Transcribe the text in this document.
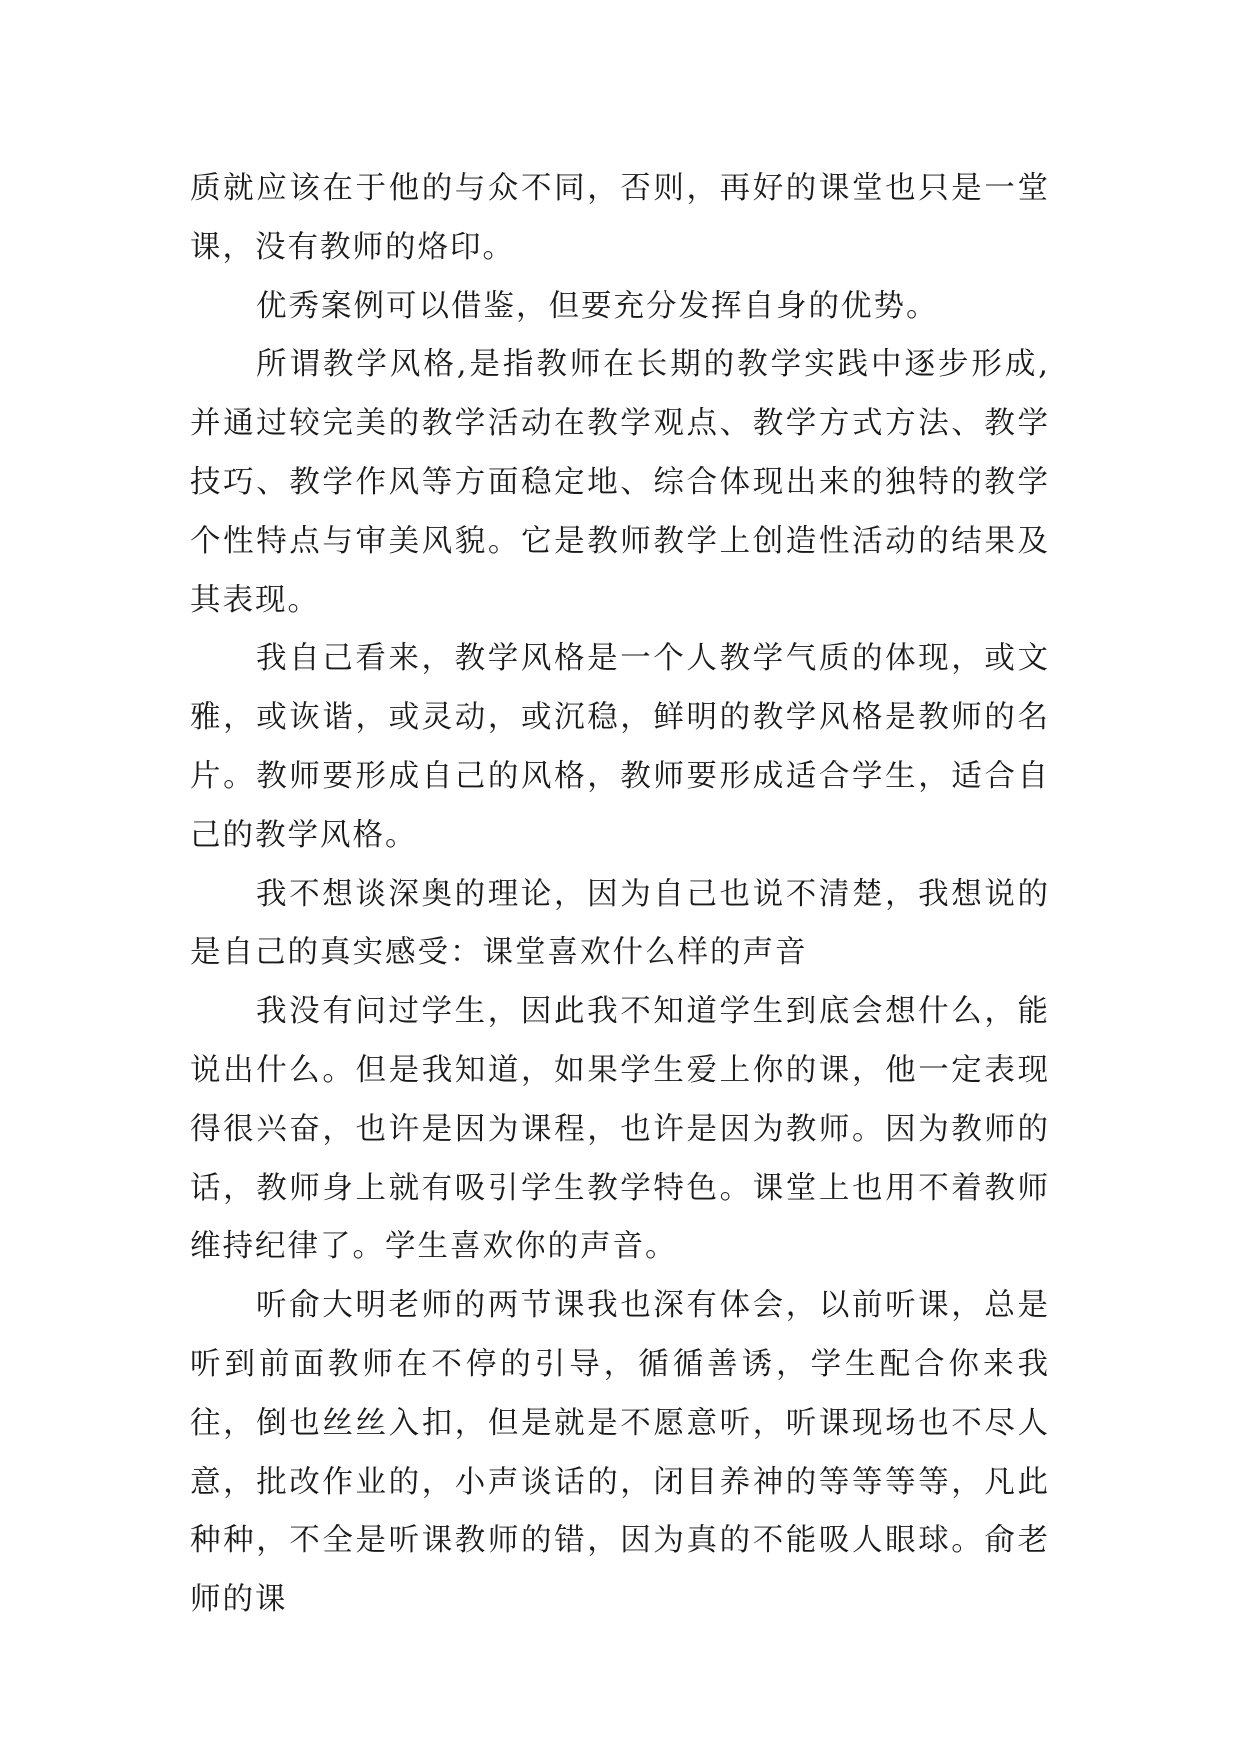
质就应该在于他的与众不同，否则，再好的课堂也只是一堂课，没有教师的烙印。

优秀案例可以借鉴，但要充分发挥自身的优势。

所谓教学风格,是指教师在长期的教学实践中逐步形成,并通过较完美的教学活动在教学观点、教学方式方法、教学技巧、教学作风等方面稳定地、综合体现出来的独特的教学个性特点与审美风貌。它是教师教学上创造性活动的结果及其表现。

我自己看来，教学风格是一个人教学气质的体现，或文雅，或诙谐，或灵动，或沉稳，鲜明的教学风格是教师的名片。教师要形成自己的风格，教师要形成适合学生，适合自己的教学风格。

我不想谈深奥的理论，因为自己也说不清楚，我想说的是自己的真实感受：课堂喜欢什么样的声音

我没有问过学生，因此我不知道学生到底会想什么，能说出什么。但是我知道，如果学生爱上你的课，他一定表现得很兴奋，也许是因为课程，也许是因为教师。因为教师的话，教师身上就有吸引学生教学特色。课堂上也用不着教师维持纪律了。学生喜欢你的声音。

听俞大明老师的两节课我也深有体会，以前听课，总是听到前面教师在不停的引导，循循善诱，学生配合你来我往，倒也丝丝入扣，但是就是不愿意听，听课现场也不尽人意，批改作业的，小声谈话的，闭目养神的等等等等，凡此种种，不全是听课教师的错，因为真的不能吸人眼球。俞老师的课
